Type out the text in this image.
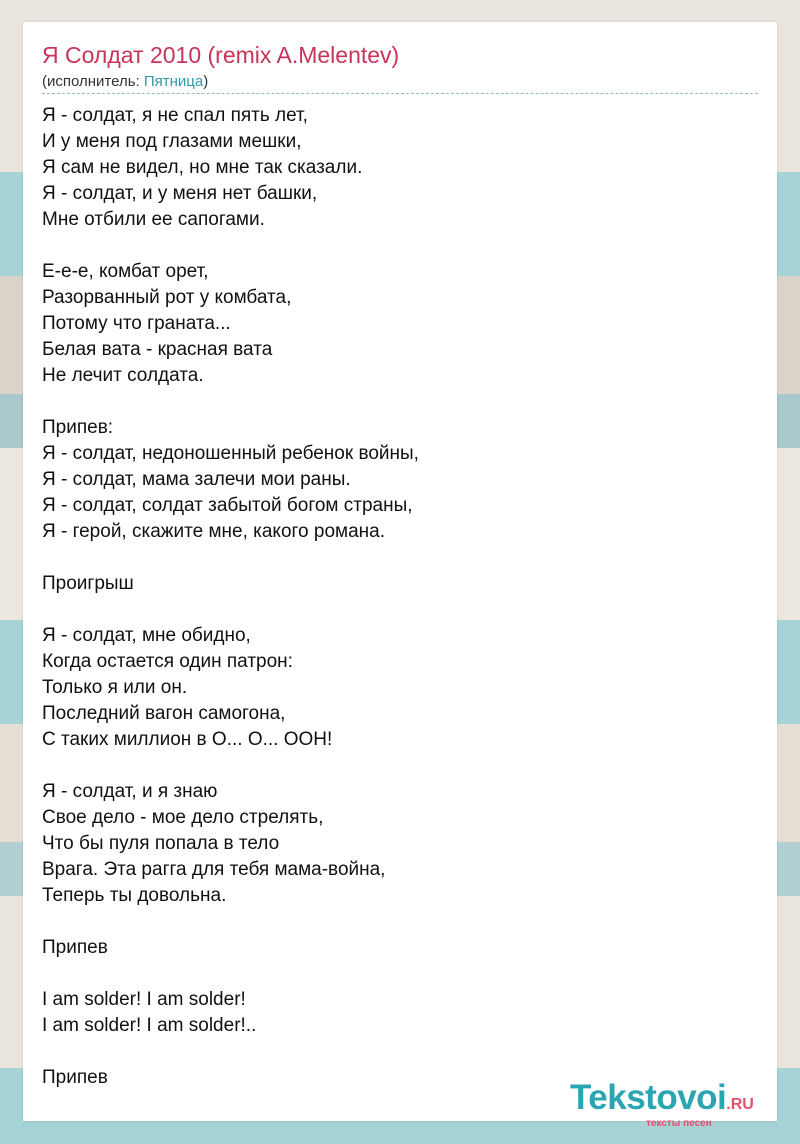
Я Солдат 2010 (remix A.Melentev)
(исполнитель: Пятница)
Я - солдат, я не спал пять лет,
И у меня под глазами мешки,
Я сам не видел, но мне так сказали.
Я - солдат, и у меня нет башки,
Мне отбили ее сапогами.
Е-е-е, комбат орет,
Разорванный рот у комбата,
Потому что граната...
Белая вата - красная вата
Не лечит солдата.
Припев:
Я - солдат, недоношенный ребенок войны,
Я - солдат, мама залечи мои раны.
Я - солдат, солдат забытой богом страны,
Я - герой, скажите мне, какого романа.
Проигрыш
Я - солдат, мне обидно,
Когда остается один патрон:
Только я или он.
Последний вагон самогона,
С таких миллион в О... О... ООН!
Я - солдат, и я знаю
Свое дело - мое дело стрелять,
Что бы пуля попала в тело
Врага. Эта рагга для тебя мама-война,
Теперь ты довольна.
Припев
I am solder! I am solder!
I am solder! I am solder!..
Припев
Tekstovoi.RU
тексты песен
